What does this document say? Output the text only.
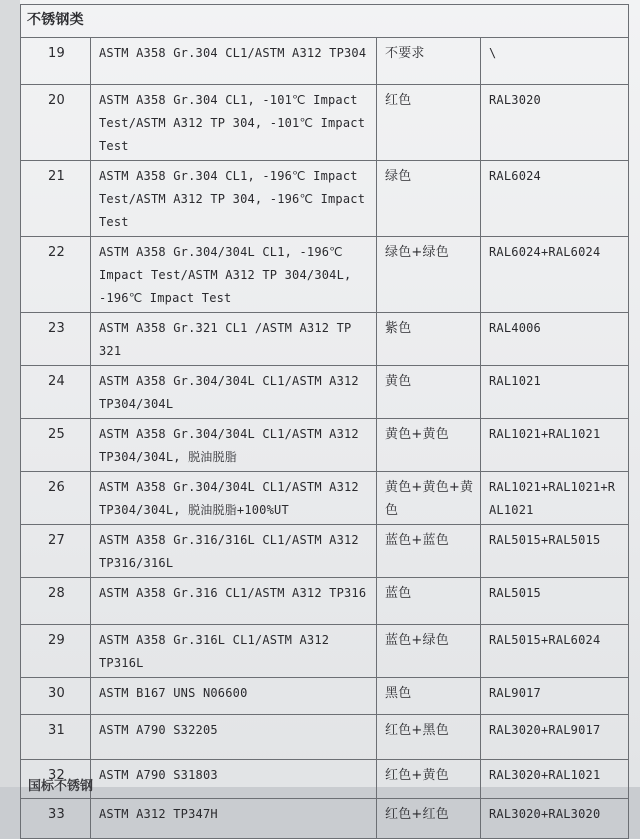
不锈钢类			
19	ASTM A358 Gr.304 CL1/ASTM A312 TP304	不要求	\
20	ASTM A358 Gr.304 CL1, -101℃ Impact Test/ASTM A312 TP 304, -101℃ Impact Test	红色	RAL3020
21	ASTM A358 Gr.304 CL1, -196℃ Impact Test/ASTM A312 TP 304, -196℃ Impact Test	绿色	RAL6024
22	ASTM A358 Gr.304/304L CL1, -196℃ Impact Test/ASTM A312 TP 304/304L, -196℃ Impact Test	绿色+绿色	RAL6024+RAL6024
23	ASTM A358 Gr.321 CL1 /ASTM A312 TP 321	紫色	RAL4006
24	ASTM A358 Gr.304/304L CL1/ASTM A312 TP304/304L	黄色	RAL1021
25	ASTM A358 Gr.304/304L CL1/ASTM A312 TP304/304L, 脱油脱脂	黄色+黄色	RAL1021+RAL1021
26	ASTM A358 Gr.304/304L CL1/ASTM A312 TP304/304L, 脱油脱脂+100%UT	黄色+黄色+黄色	RAL1021+RAL1021+RAL1021
27	ASTM A358 Gr.316/316L CL1/ASTM A312 TP316/316L	蓝色+蓝色	RAL5015+RAL5015
28	ASTM A358 Gr.316 CL1/ASTM A312 TP316	蓝色	RAL5015
29	ASTM A358 Gr.316L CL1/ASTM A312 TP316L	蓝色+绿色	RAL5015+RAL6024
30	ASTM B167 UNS N06600	黑色	RAL9017
31	ASTM A790 S32205	红色+黑色	RAL3020+RAL9017
32	ASTM A790 S31803	红色+黄色	RAL3020+RAL1021
33	ASTM A312 TP347H	红色+红色	RAL3020+RAL3020
国标不锈钢
